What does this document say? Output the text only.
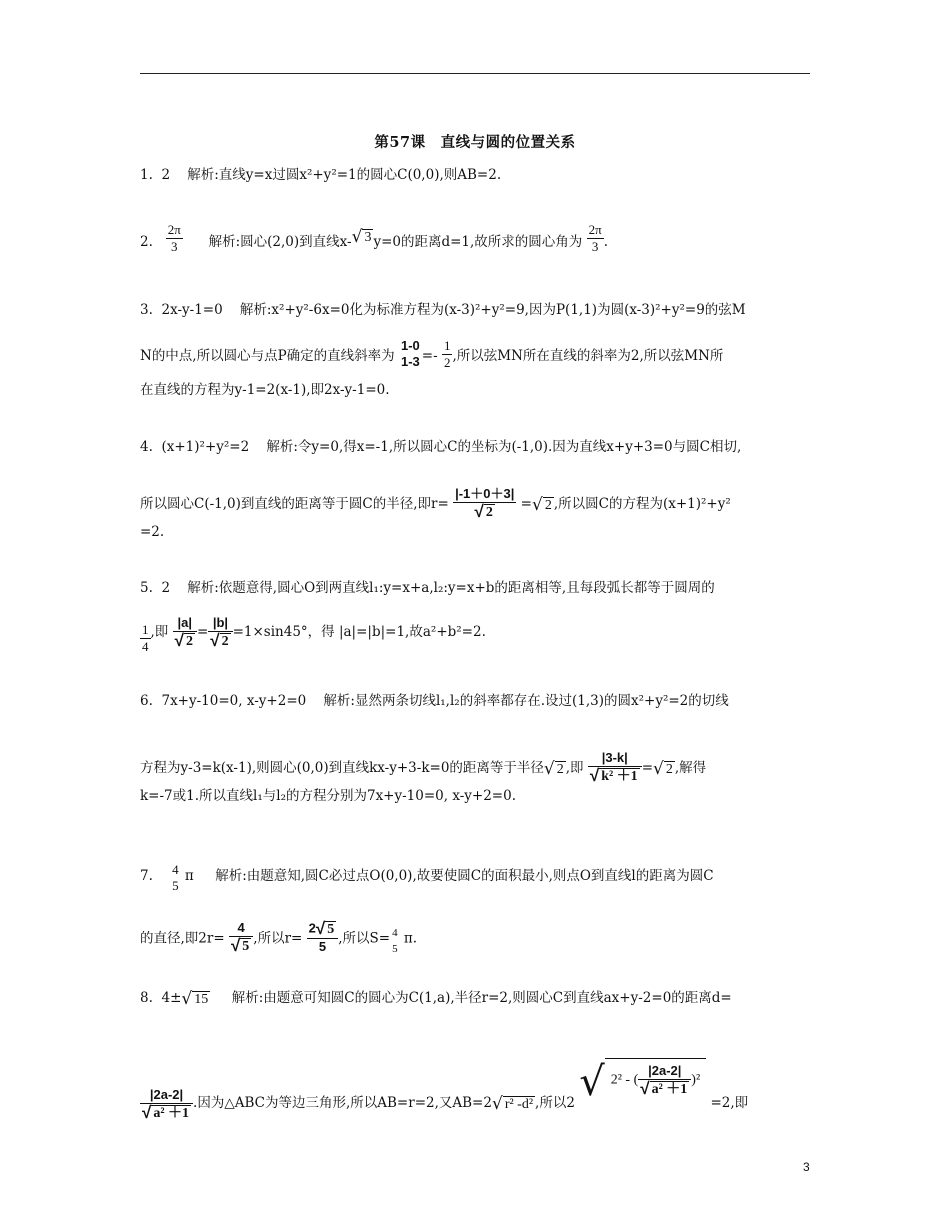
第57课　直线与圆的位置关系
1. 2 解析:直线y=x过圆x²+y²=1的圆心C(0,0),则AB=2.
2. $\frac{2\pi}{3}$ 解析:圆心(2,0)到直线x- √ 3 y=0的距离d=1,故所求的圆心角为 $\frac{2\pi}{3}$ .
3. 2x-y-1=0 解析:x²+y²-6x=0化为标准方程为(x-3)²+y²=9,因为P(1,1)为圆(x-3)²+y²=9的弦M
N的中点,所以圆心与点P确定的直线斜率为
1-0
$1-3 =- \frac{1}{2}$ ,所以弦MN所在直线的斜率为2,所以弦MN所
在直线的方程为y-1=2(x-1),即2x-y-1=0.
4. (x+1)²+y²=2 解析:令y=0,得x=-1,所以圆心C的坐标为(-1,0).因为直线x+y+3=0与圆C相切,
所以圆心C(-1,0)到直线的距离等于圆C的半径,即$r= \frac{|-1+0+3|}{√ 2}$ = √ 2 ,所以圆C的方程为(x+1)²+y²
=2.
5. 2 解析:依题意得,圆心O到两直线l₁:y=x+a,l₂:y=x+b的距离相等,且每段弧长都等于圆周的
$\frac{1}{4}$ ,即 $\frac{|a|}{√ 2} = \frac{|b|}{√ 2} =1\times\sin 45^\circ$，得 |a|=|b|=1,故a²+b²=2.
6. 7x+y-10=0, x-y+2=0 解析:显然两条切线l₁,l₂的斜率都存在.设过(1,3)的圆x²+y²=2的切线
方程为y-3=k(x-1),则圆心(0,0)到直线kx-y+3-k=0的距离等于半径 √ 2 ,即 $\frac{|3-k|}{\text{√ k² ＋1}}$ = √ 2 ,解得
k=-7或1.所以直线l₁与l₂的方程分别为7x+y-10=0, x-y+2=0.
7. 4
5
π 解析:由题意知,圆C必过点O(0,0),故要使圆C的面积最小,则点O到直线l的距离为圆C
的直径,即$2r= \frac{4}{√ 5}$ ,所以$r= \frac{2 √ 5}{5}$ ,所以S= 4
5
π.
8. 4± √ 15 解析:由题意可知圆C的圆心为C(1,a),半径r=2,则圆心C到直线ax+y-2=0的距离d=
$\frac{|2a-2|}{\text{√ a² ＋1}}$ .因为△ABC为等边三角形,所以AB=r=2,又AB=2 √ r² -d² ,所以2 √ 2² - ( $\frac{|2a-2|}{\text{√ a² ＋1}} )^2$
=2,即
3
